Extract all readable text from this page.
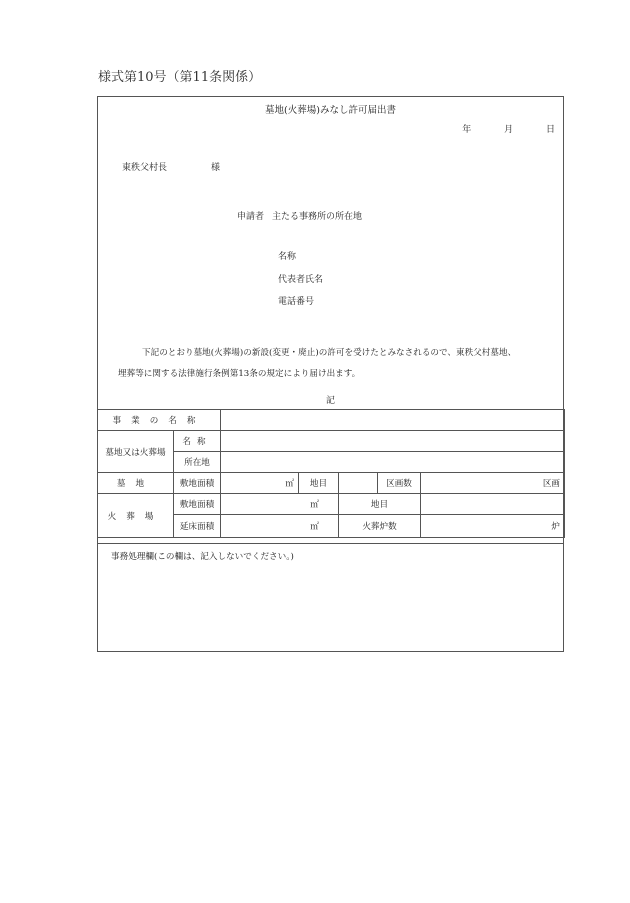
様式第10号（第11条関係）
墓地(火葬場)みなし許可届出書
年	月	日
東秩父村長	様
申請者 主たる事務所の所在地
名称
代表者氏名
電話番号
下記のとおり墓地(火葬場)の新設(変更・廃止)の許可を受けたとみなされるので、東秩父村墓地、
埋葬等に関する法律施行条例第13条の規定により届け出ます。
記
事業の名称						
墓地又は火葬場	名称					
	所在地					
墓地	敷地面積	㎡	地目		区画数	区画
火葬場	敷地面積	㎡		地目		
	延床面積	㎡		火葬炉数		炉
事務処理欄(この欄は、記入しないでください。)
